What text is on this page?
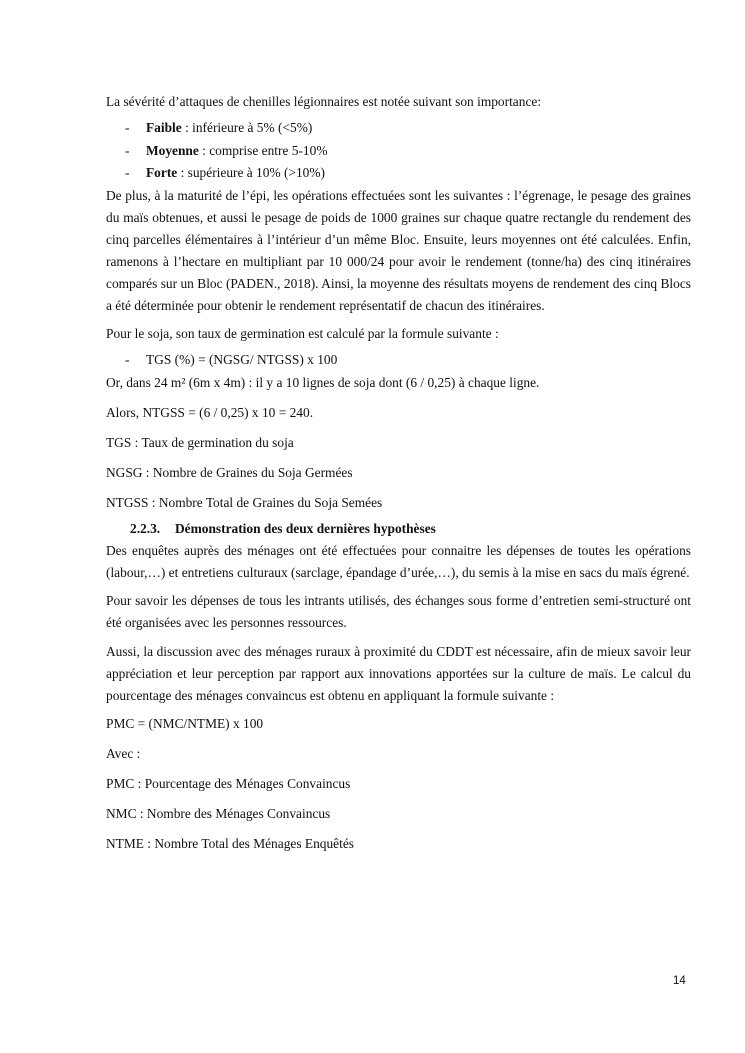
La sévérité d’attaques de chenilles légionnaires est notée suivant son importance:

- Faible : inférieure à 5% (<5%)
- Moyenne : comprise entre 5-10%
- Forte : supérieure à 10% (>10%)

De plus, à la maturité de l’épi, les opérations effectuées sont les suivantes : l’égrenage, le pesage des graines du maïs obtenues, et aussi le pesage de poids de 1000 graines sur chaque quatre rectangle du rendement des cinq parcelles élémentaires à l’intérieur d’un même Bloc. Ensuite, leurs moyennes ont été calculées. Enfin, ramenons à l’hectare en multipliant par 10 000/24 pour avoir le rendement (tonne/ha) des cinq itinéraires comparés sur un Bloc (PADEN., 2018). Ainsi, la moyenne des résultats moyens de rendement des cinq Blocs a été déterminée pour obtenir le rendement représentatif de chacun des itinéraires.

Pour le soja, son taux de germination est calculé par la formule suivante :

- TGS (%) = (NGSG/ NTGSS) x 100

Or, dans 24 m² (6m x 4m) : il y a 10 lignes de soja dont (6 / 0,25) à chaque ligne.

Alors, NTGSS = (6 / 0,25) x 10 = 240.

TGS : Taux de germination du soja

NGSG : Nombre de Graines du Soja Germées

NTGSS : Nombre Total de Graines du Soja Semées

2.2.3. Démonstration des deux dernières hypothèses

Des enquêtes auprès des ménages ont été effectuées pour connaitre les dépenses de toutes les opérations (labour,…) et entretiens culturaux (sarclage, épandage d’urée,…), du semis à la mise en sacs du maïs égrené.

Pour savoir les dépenses de tous les intrants utilisés, des échanges sous forme d’entretien semi-structuré ont été organisées avec les personnes ressources.

Aussi, la discussion avec des ménages ruraux à proximité du CDDT est nécessaire, afin de mieux savoir leur appréciation et leur perception par rapport aux innovations apportées sur la culture de maïs. Le calcul du pourcentage des ménages convaincus est obtenu en appliquant la formule suivante :

PMC = (NMC/NTME) x 100

Avec :

PMC : Pourcentage des Ménages Convaincus

NMC : Nombre des Ménages Convaincus

NTME : Nombre Total des Ménages Enquêtés

14
